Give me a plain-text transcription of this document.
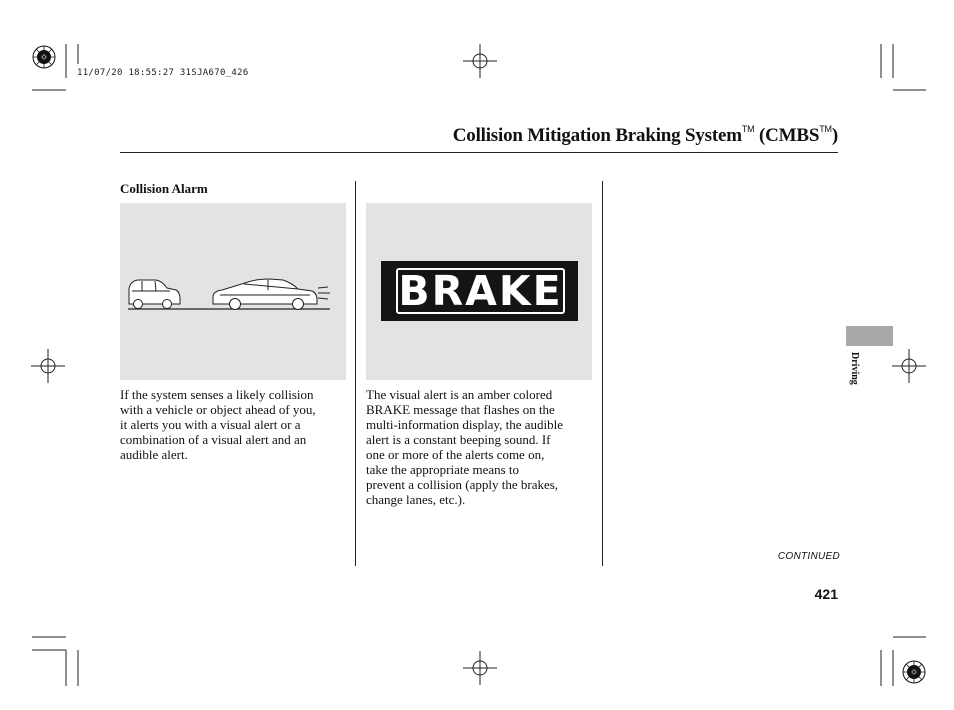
11/07/20 18:55:27 31SJA670_426
Collision Mitigation Braking System™ (CMBS™)
Collision Alarm
BRAKE
If the system senses a likely collision
with a vehicle or object ahead of you,
it alerts you with a visual alert or a
combination of a visual alert and an
audible alert.
The visual alert is an amber colored
BRAKE message that flashes on the
multi-information display, the audible
alert is a constant beeping sound. If
one or more of the alerts come on,
take the appropriate means to
prevent a collision (apply the brakes,
change lanes, etc.).
Driving
CONTINUED
421
